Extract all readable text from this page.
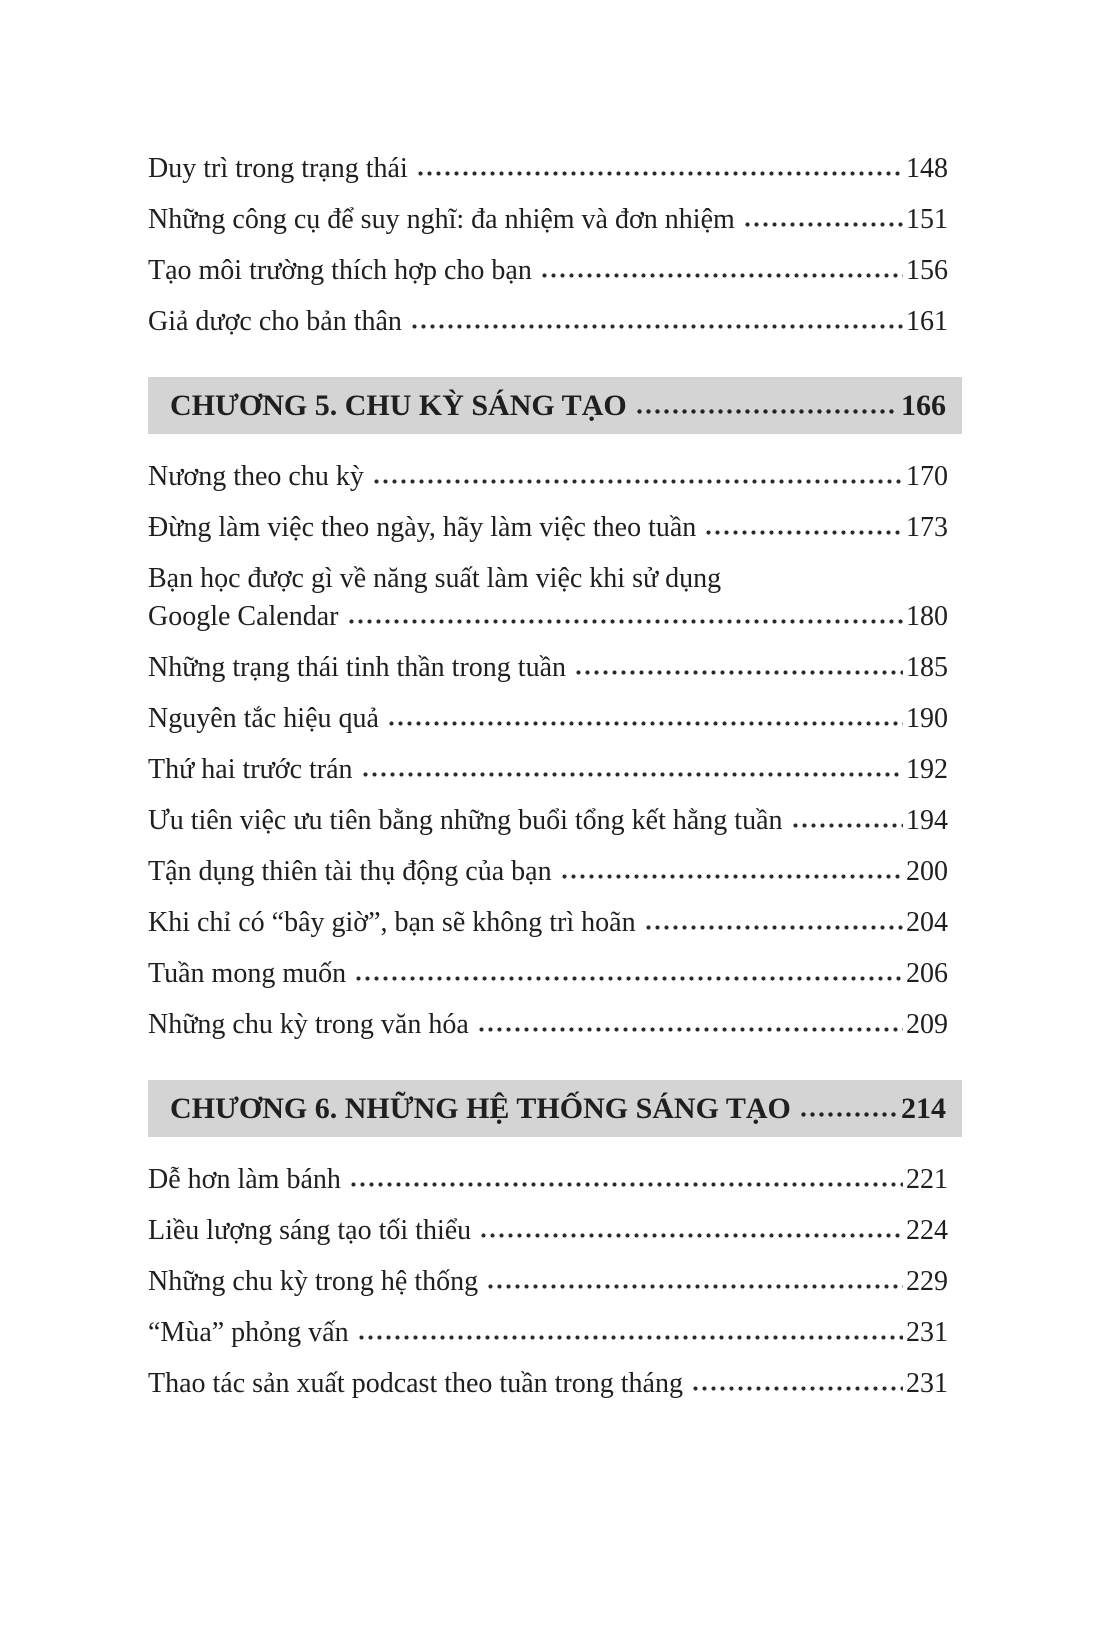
Duy trì trong trạng thái	148
Những công cụ để suy nghĩ: đa nhiệm và đơn nhiệm	151
Tạo môi trường thích hợp cho bạn	156
Giả dược cho bản thân	161
CHƯƠNG 5. CHU KỲ SÁNG TẠO	166
Nương theo chu kỳ	170
Đừng làm việc theo ngày, hãy làm việc theo tuần	173
Bạn học được gì về năng suất làm việc khi sử dụng
Google Calendar	180
Những trạng thái tinh thần trong tuần	185
Nguyên tắc hiệu quả	190
Thứ hai trước trán	192
Ưu tiên việc ưu tiên bằng những buổi tổng kết hằng tuần	194
Tận dụng thiên tài thụ động của bạn	200
Khi chỉ có “bây giờ”, bạn sẽ không trì hoãn	204
Tuần mong muốn	206
Những chu kỳ trong văn hóa	209
CHƯƠNG 6. NHỮNG HỆ THỐNG SÁNG TẠO	214
Dễ hơn làm bánh	221
Liều lượng sáng tạo tối thiểu	224
Những chu kỳ trong hệ thống	229
“Mùa” phỏng vấn	231
Thao tác sản xuất podcast theo tuần trong tháng	231
